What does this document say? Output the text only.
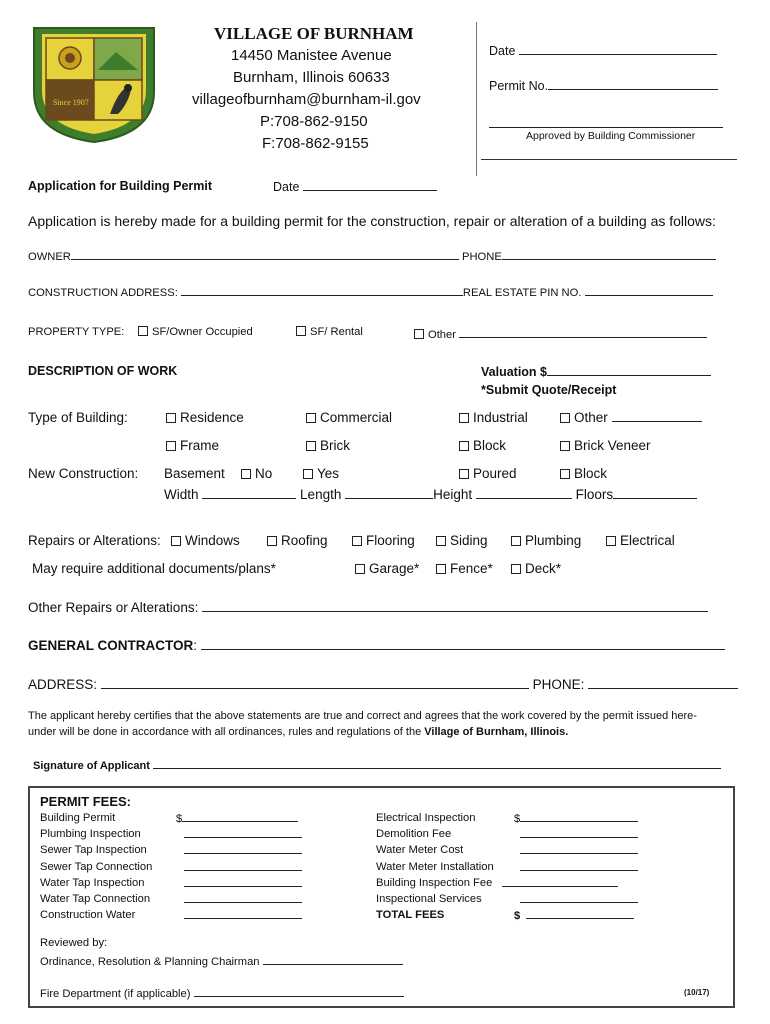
Since 1907
VILLAGE OF BURNHAM
14450 Manistee Avenue
Burnham, Illinois 60633
villageofburnham@burnham-il.gov
P:708-862-9150
F:708-862-9155
Date
Permit No.
Approved by Building Commissioner
Application for Building Permit	Date
Application is hereby made for a building permit for the construction, repair or alteration of a building as follows:
OWNER	PHONE
CONSTRUCTION ADDRESS:	REAL ESTATE PIN NO.
PROPERTY TYPE:	SF/Owner Occupied	SF/ Rental	Other
DESCRIPTION OF WORK	Valuation $
*Submit Quote/Receipt
Type of Building:	Residence	Commercial	Industrial	Other
Frame	Brick	Block	Brick Veneer
New Construction: Basement	No	Yes	Poured	Block
Width	Length	Height	Floors
Repairs or Alterations:	Windows	Roofing	Flooring	Siding	Plumbing	Electrical
May require additional documents/plans*	Garage*	Fence*	Deck*
Other Repairs or Alterations:
GENERAL CONTRACTOR:
ADDRESS:	PHONE:
The applicant hereby certifies that the above statements are true and correct and agrees that the work covered by the permit issued here-
under will be done in accordance with all ordinances, rules and regulations of the Village of Burnham, Illinois.
Signature of Applicant
PERMIT FEES:
Reviewed by:
Ordinance, Resolution & Planning Chairman
Fire Department (if applicable)	(10/17)
Building Permit	$
Plumbing Inspection
Sewer Tap Inspection
Sewer Tap Connection
Water Tap Inspection
Water Tap Connection
Construction Water
Electrical Inspection	$
Demolition Fee
Water Meter Cost
Water Meter Installation
Building Inspection Fee
Inspectional Services
TOTAL FEES	$
